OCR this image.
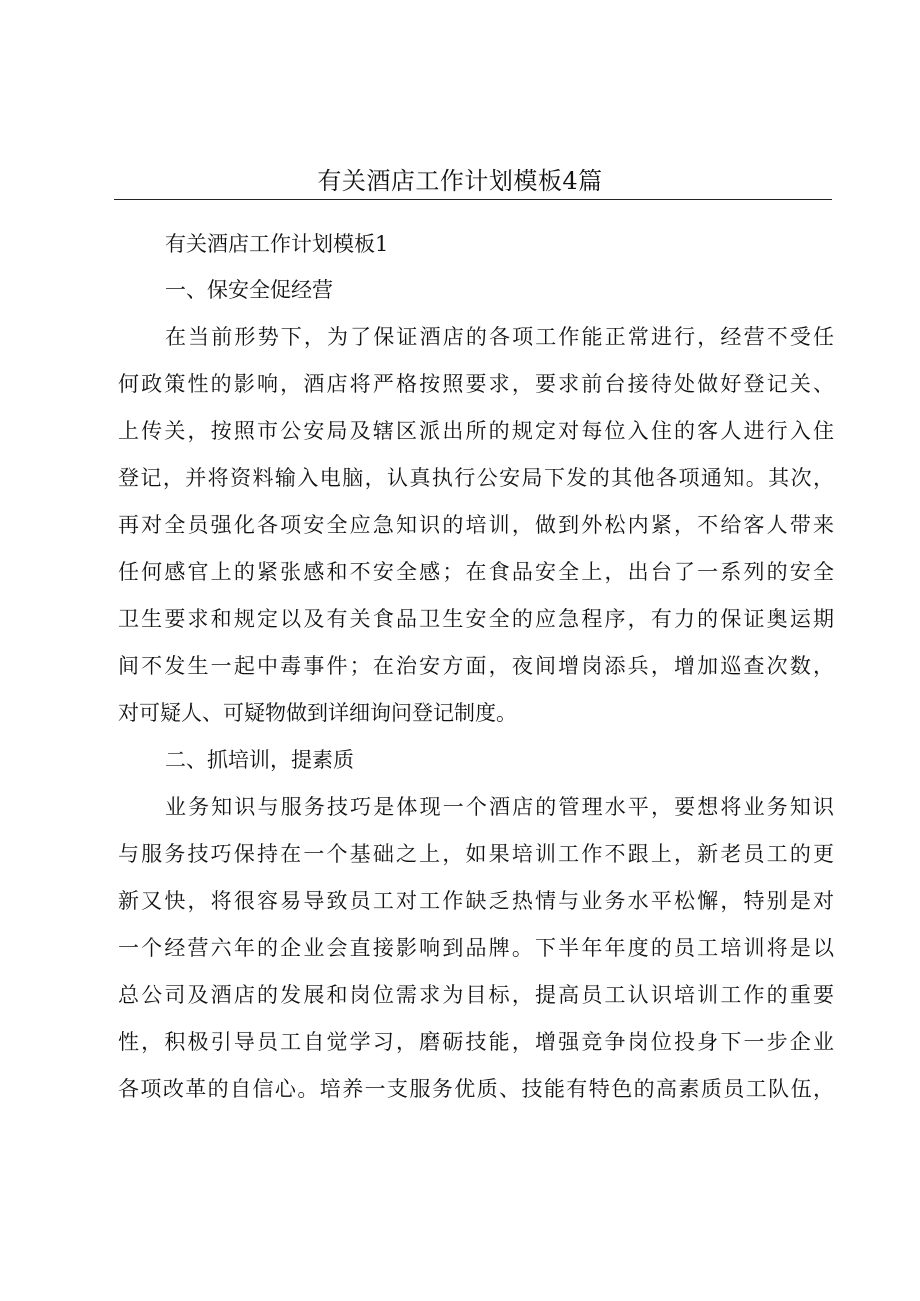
有关酒店工作计划模板4篇
有关酒店工作计划模板1
一、保安全促经营
在当前形势下，为了保证酒店的各项工作能正常进行，经营不受任
何政策性的影响，酒店将严格按照要求，要求前台接待处做好登记关、
上传关，按照市公安局及辖区派出所的规定对每位入住的客人进行入住
登记，并将资料输入电脑，认真执行公安局下发的其他各项通知。其次，
再对全员强化各项安全应急知识的培训，做到外松内紧，不给客人带来
任何感官上的紧张感和不安全感；在食品安全上，出台了一系列的安全
卫生要求和规定以及有关食品卫生安全的应急程序，有力的保证奥运期
间不发生一起中毒事件；在治安方面，夜间增岗添兵，增加巡查次数，
对可疑人、可疑物做到详细询问登记制度。
二、抓培训，提素质
业务知识与服务技巧是体现一个酒店的管理水平，要想将业务知识
与服务技巧保持在一个基础之上，如果培训工作不跟上，新老员工的更
新又快，将很容易导致员工对工作缺乏热情与业务水平松懈，特别是对
一个经营六年的企业会直接影响到品牌。下半年年度的员工培训将是以
总公司及酒店的发展和岗位需求为目标，提高员工认识培训工作的重要
性，积极引导员工自觉学习，磨砺技能，增强竞争岗位投身下一步企业
各项改革的自信心。培养一支服务优质、技能有特色的高素质员工队伍，
